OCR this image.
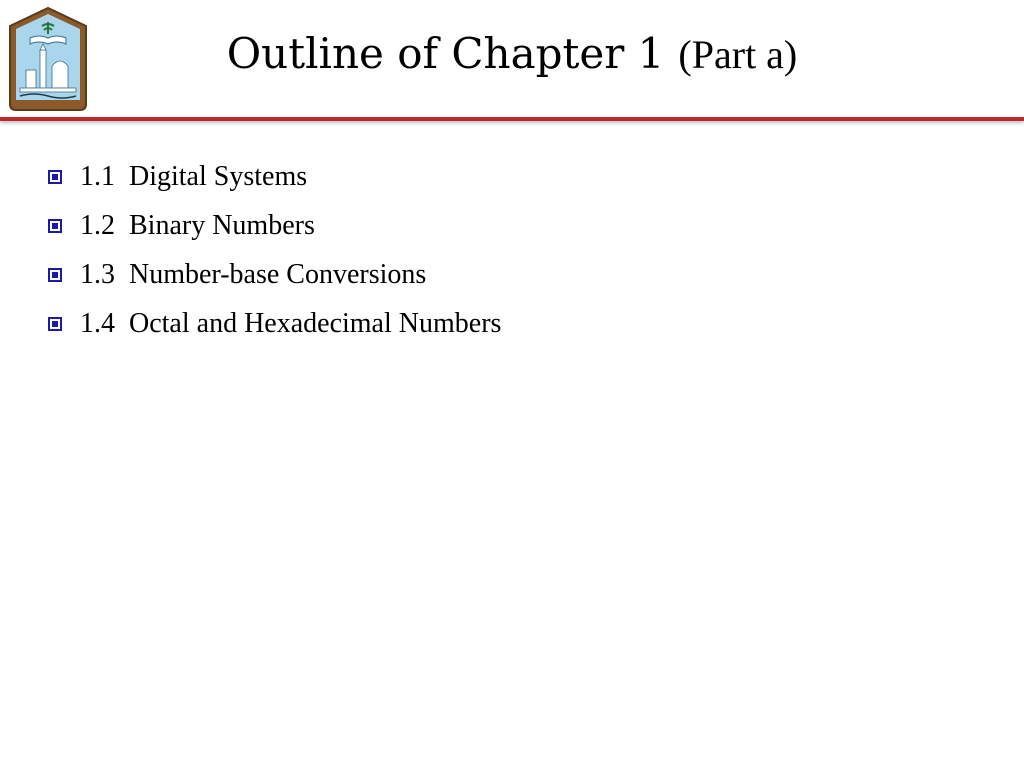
Outline of Chapter 1 (Part a)
1.1  Digital Systems
1.2  Binary Numbers
1.3  Number-base Conversions
1.4  Octal and Hexadecimal Numbers
